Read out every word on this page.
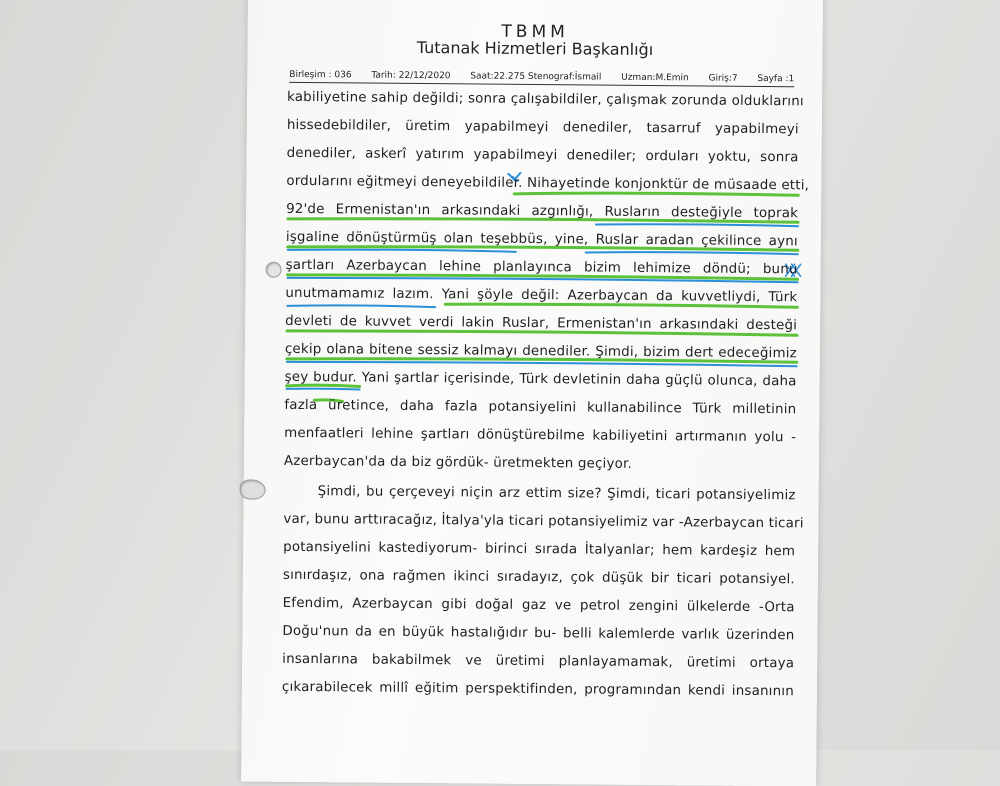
TBMM
Tutanak Hizmetleri Başkanlığı
Birleşim : 036 Tarih: 22/12/2020 Saat:22.275 Stenograf:İsmail Uzman:M.Emin Giriş:7 Sayfa :1
kabiliyetine sahip değildi; sonra çalışabildiler, çalışmak zorunda olduklarını
hissedebildiler, üretim yapabilmeyi denediler, tasarruf yapabilmeyi
denediler, askerî yatırım yapabilmeyi denediler; orduları yoktu, sonra
ordularını eğitmeyi deneyebildiler. Nihayetinde konjonktür de müsaade etti,
92'de Ermenistan'ın arkasındaki azgınlığı, Rusların desteğiyle toprak
işgaline dönüştürmüş olan teşebbüs, yine, Ruslar aradan çekilince aynı
şartları Azerbaycan lehine planlayınca bizim lehimize döndü; bunu
unutmamamız lazım. Yani şöyle değil: Azerbaycan da kuvvetliydi, Türk
devleti de kuvvet verdi lakin Ruslar, Ermenistan'ın arkasındaki desteği
çekip olana bitene sessiz kalmayı denediler. Şimdi, bizim dert edeceğimiz
şey budur. Yani şartlar içerisinde, Türk devletinin daha güçlü olunca, daha
fazla üretince, daha fazla potansiyelini kullanabilince Türk milletinin
menfaatleri lehine şartları dönüştürebilme kabiliyetini artırmanın yolu -
Azerbaycan'da da biz gördük- üretmekten geçiyor.
Şimdi, bu çerçeveyi niçin arz ettim size? Şimdi, ticari potansiyelimiz
var, bunu arttıracağız, İtalya'yla ticari potansiyelimiz var -Azerbaycan ticari
potansiyelini kastediyorum- birinci sırada İtalyanlar; hem kardeşiz hem
sınırdaşız, ona rağmen ikinci sıradayız, çok düşük bir ticari potansiyel.
Efendim, Azerbaycan gibi doğal gaz ve petrol zengini ülkelerde -Orta
Doğu'nun da en büyük hastalığıdır bu- belli kalemlerde varlık üzerinden
insanlarına bakabilmek ve üretimi planlayamamak, üretimi ortaya
çıkarabilecek millî eğitim perspektifinden, programından kendi insanının
